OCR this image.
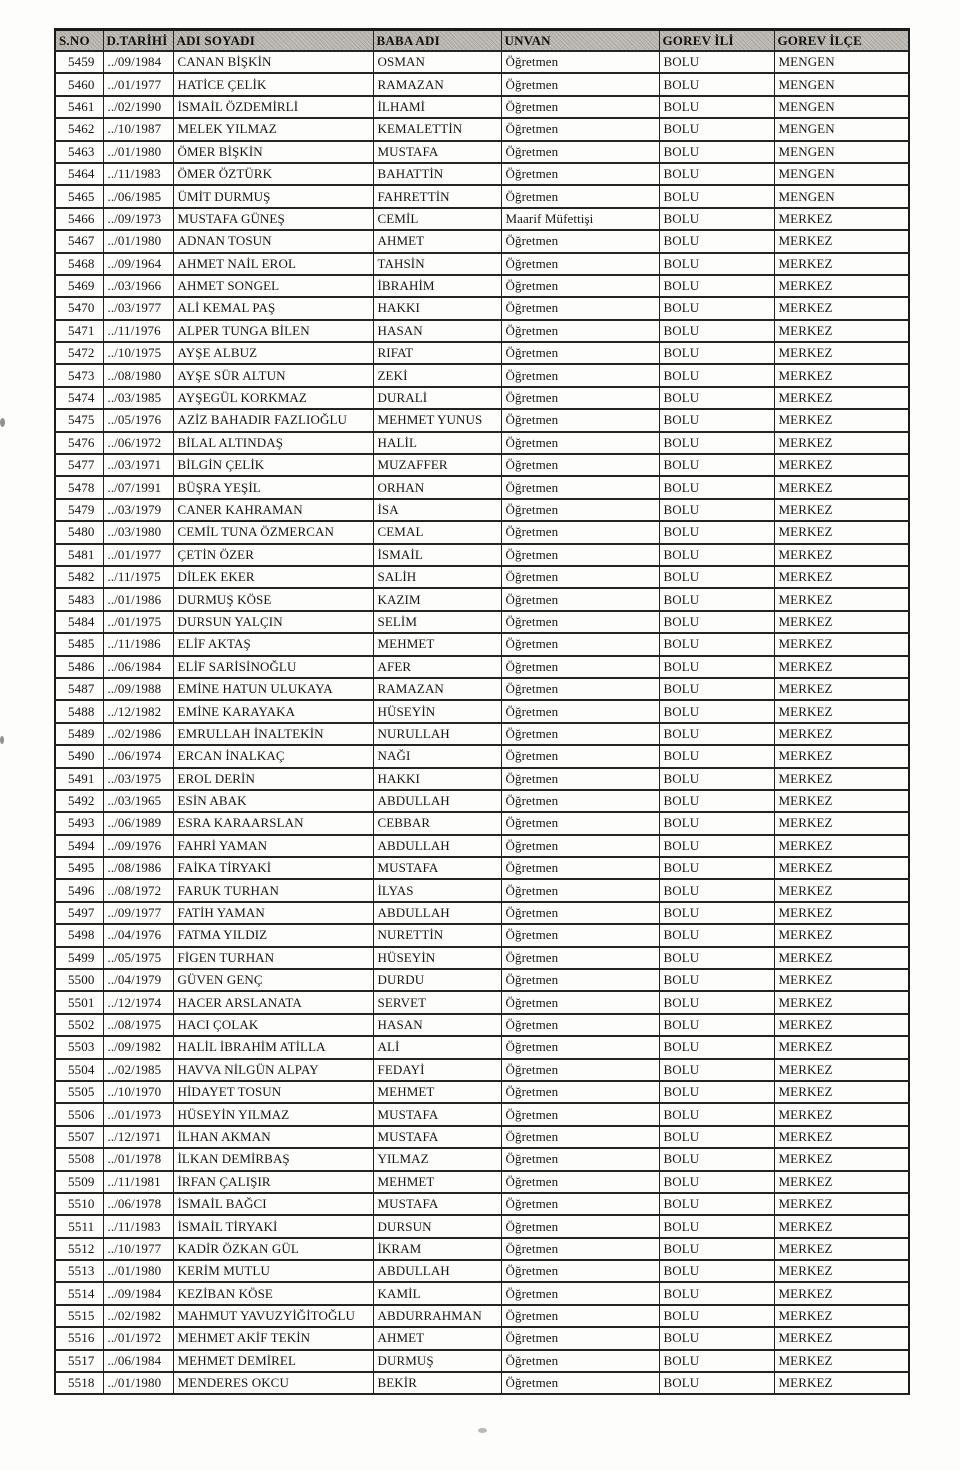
S.NO	D.TARİHİ	ADI SOYADI	BABA ADI	UNVAN	GOREV İLİ	GOREV İLÇE
5459	../09/1984	CANAN BİŞKİN	OSMAN	Öğretmen	BOLU	MENGEN
5460	../01/1977	HATİCE ÇELİK	RAMAZAN	Öğretmen	BOLU	MENGEN
5461	../02/1990	İSMAİL ÖZDEMİRLİ	İLHAMİ	Öğretmen	BOLU	MENGEN
5462	../10/1987	MELEK YILMAZ	KEMALETTİN	Öğretmen	BOLU	MENGEN
5463	../01/1980	ÖMER BİŞKİN	MUSTAFA	Öğretmen	BOLU	MENGEN
5464	../11/1983	ÖMER ÖZTÜRK	BAHATTİN	Öğretmen	BOLU	MENGEN
5465	../06/1985	ÜMİT DURMUŞ	FAHRETTİN	Öğretmen	BOLU	MENGEN
5466	../09/1973	MUSTAFA GÜNEŞ	CEMİL	Maarif Müfettişi	BOLU	MERKEZ
5467	../01/1980	ADNAN TOSUN	AHMET	Öğretmen	BOLU	MERKEZ
5468	../09/1964	AHMET NAİL EROL	TAHSİN	Öğretmen	BOLU	MERKEZ
5469	../03/1966	AHMET SONGEL	İBRAHİM	Öğretmen	BOLU	MERKEZ
5470	../03/1977	ALİ KEMAL PAŞ	HAKKI	Öğretmen	BOLU	MERKEZ
5471	../11/1976	ALPER TUNGA BİLEN	HASAN	Öğretmen	BOLU	MERKEZ
5472	../10/1975	AYŞE ALBUZ	RIFAT	Öğretmen	BOLU	MERKEZ
5473	../08/1980	AYŞE SÜR ALTUN	ZEKİ	Öğretmen	BOLU	MERKEZ
5474	../03/1985	AYŞEGÜL KORKMAZ	DURALİ	Öğretmen	BOLU	MERKEZ
5475	../05/1976	AZİZ BAHADIR FAZLIOĞLU	MEHMET YUNUS	Öğretmen	BOLU	MERKEZ
5476	../06/1972	BİLAL ALTINDAŞ	HALİL	Öğretmen	BOLU	MERKEZ
5477	../03/1971	BİLGİN ÇELİK	MUZAFFER	Öğretmen	BOLU	MERKEZ
5478	../07/1991	BÜŞRA YEŞİL	ORHAN	Öğretmen	BOLU	MERKEZ
5479	../03/1979	CANER KAHRAMAN	İSA	Öğretmen	BOLU	MERKEZ
5480	../03/1980	CEMİL TUNA ÖZMERCAN	CEMAL	Öğretmen	BOLU	MERKEZ
5481	../01/1977	ÇETİN ÖZER	İSMAİL	Öğretmen	BOLU	MERKEZ
5482	../11/1975	DİLEK EKER	SALİH	Öğretmen	BOLU	MERKEZ
5483	../01/1986	DURMUŞ KÖSE	KAZIM	Öğretmen	BOLU	MERKEZ
5484	../01/1975	DURSUN YALÇIN	SELİM	Öğretmen	BOLU	MERKEZ
5485	../11/1986	ELİF AKTAŞ	MEHMET	Öğretmen	BOLU	MERKEZ
5486	../06/1984	ELİF SARİSİNOĞLU	AFER	Öğretmen	BOLU	MERKEZ
5487	../09/1988	EMİNE HATUN ULUKAYA	RAMAZAN	Öğretmen	BOLU	MERKEZ
5488	../12/1982	EMİNE KARAYAKA	HÜSEYİN	Öğretmen	BOLU	MERKEZ
5489	../02/1986	EMRULLAH İNALTEKİN	NURULLAH	Öğretmen	BOLU	MERKEZ
5490	../06/1974	ERCAN İNALKAÇ	NAĞI	Öğretmen	BOLU	MERKEZ
5491	../03/1975	EROL DERİN	HAKKI	Öğretmen	BOLU	MERKEZ
5492	../03/1965	ESİN ABAK	ABDULLAH	Öğretmen	BOLU	MERKEZ
5493	../06/1989	ESRA KARAARSLAN	CEBBAR	Öğretmen	BOLU	MERKEZ
5494	../09/1976	FAHRİ YAMAN	ABDULLAH	Öğretmen	BOLU	MERKEZ
5495	../08/1986	FAİKA TİRYAKİ	MUSTAFA	Öğretmen	BOLU	MERKEZ
5496	../08/1972	FARUK TURHAN	İLYAS	Öğretmen	BOLU	MERKEZ
5497	../09/1977	FATİH YAMAN	ABDULLAH	Öğretmen	BOLU	MERKEZ
5498	../04/1976	FATMA YILDIZ	NURETTİN	Öğretmen	BOLU	MERKEZ
5499	../05/1975	FİGEN TURHAN	HÜSEYİN	Öğretmen	BOLU	MERKEZ
5500	../04/1979	GÜVEN GENÇ	DURDU	Öğretmen	BOLU	MERKEZ
5501	../12/1974	HACER ARSLANATA	SERVET	Öğretmen	BOLU	MERKEZ
5502	../08/1975	HACI ÇOLAK	HASAN	Öğretmen	BOLU	MERKEZ
5503	../09/1982	HALİL İBRAHİM ATİLLA	ALİ	Öğretmen	BOLU	MERKEZ
5504	../02/1985	HAVVA NİLGÜN ALPAY	FEDAYİ	Öğretmen	BOLU	MERKEZ
5505	../10/1970	HİDAYET TOSUN	MEHMET	Öğretmen	BOLU	MERKEZ
5506	../01/1973	HÜSEYİN YILMAZ	MUSTAFA	Öğretmen	BOLU	MERKEZ
5507	../12/1971	İLHAN AKMAN	MUSTAFA	Öğretmen	BOLU	MERKEZ
5508	../01/1978	İLKAN DEMİRBAŞ	YILMAZ	Öğretmen	BOLU	MERKEZ
5509	../11/1981	İRFAN ÇALIŞIR	MEHMET	Öğretmen	BOLU	MERKEZ
5510	../06/1978	İSMAİL BAĞCI	MUSTAFA	Öğretmen	BOLU	MERKEZ
5511	../11/1983	İSMAİL TİRYAKİ	DURSUN	Öğretmen	BOLU	MERKEZ
5512	../10/1977	KADİR ÖZKAN GÜL	İKRAM	Öğretmen	BOLU	MERKEZ
5513	../01/1980	KERİM MUTLU	ABDULLAH	Öğretmen	BOLU	MERKEZ
5514	../09/1984	KEZİBAN KÖSE	KAMİL	Öğretmen	BOLU	MERKEZ
5515	../02/1982	MAHMUT YAVUZYİĞİTOĞLU	ABDURRAHMAN	Öğretmen	BOLU	MERKEZ
5516	../01/1972	MEHMET AKİF TEKİN	AHMET	Öğretmen	BOLU	MERKEZ
5517	../06/1984	MEHMET DEMİREL	DURMUŞ	Öğretmen	BOLU	MERKEZ
5518	../01/1980	MENDERES OKCU	BEKİR	Öğretmen	BOLU	MERKEZ
